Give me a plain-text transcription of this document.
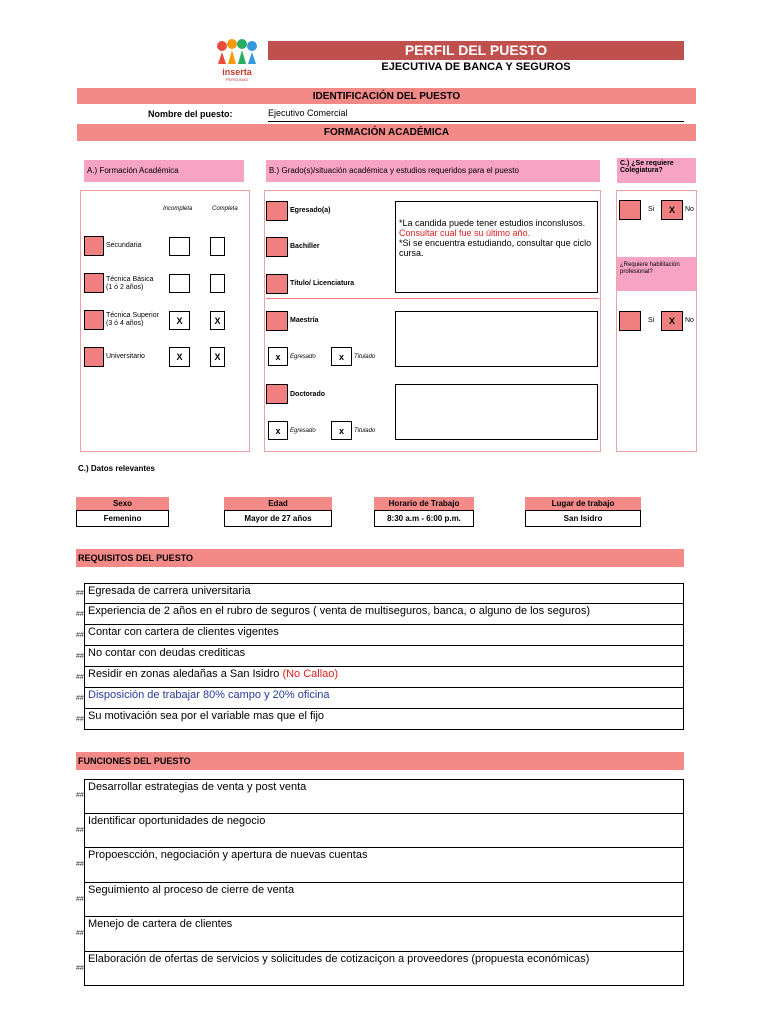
inserta
PERSONAS
PERFIL DEL PUESTO
EJECUTIVA DE BANCA Y SEGUROS
IDENTIFICACIÓN DEL PUESTO
Nombre del puesto:	Ejecutivo Comercial
FORMACIÓN ACADÉMICA
A.) Formación Académica	B.) Grado(s)/situación académica y estudios requeridos para el puesto
C.) ¿Se requiere Colegiatura?
Incompleta	Completa
Secundaria
Técnica Básica
(1 ó 2 años)
Técnica Superior
(3 ó 4 años)	X	X
Universitario	X	X
Egresado(a)
Bachiller
Título/ Licenciatura
*La candida puede tener estudios inconslusos. Consultar cual fue su último año.
*Si se encuentra estudiando, consultar que ciclo cursa.
Maestría
x	Egresado	x	Titulado
Doctorado
x	Egresado	x	Titulado
Si	X	No
¿Requiere habilitación profesional?
Si	X	No
C.) Datos relevantes
Sexo
Femenino
Edad
Mayor de 27 años
Horario de Trabajo
8:30 a.m - 6:00 p.m.
Lugar de trabajo
San Isidro
REQUISITOS DEL PUESTO
## Egresada de carrera universitaria
## Experiencia de 2 años en el rubro de seguros ( venta de multiseguros, banca, o alguno de los seguros)
## Contar con cartera de clientes vigentes
## No contar con deudas crediticas
## Residir en zonas aledañas a San Isidro (No Callao)
## Disposición de trabajar 80% campo y 20% oficina
## Su motivación sea por el variable mas que el fijo
FUNCIONES DEL PUESTO
##
Desarrollar estrategias de venta y post venta
##
Identificar oportunidades de negocio
##
Propoescción, negociación y apertura de nuevas cuentas
##
Seguimiento al proceso de cierre de venta
##
Menejo de cartera de clientes
##
Elaboración de ofertas de servicios y solicitudes de cotizaciçon a proveedores (propuesta económicas)
